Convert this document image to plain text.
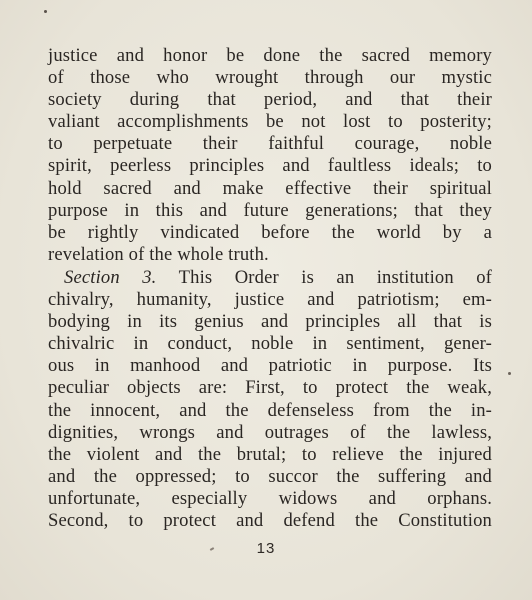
justice and honor be done the sacred memory
of those who wrought through our mystic
society during that period, and that their
valiant accomplishments be not lost to posterity;
to perpetuate their faithful courage, noble
spirit, peerless principles and faultless ideals; to
hold sacred and make effective their spiritual
purpose in this and future generations; that they
be rightly vindicated before the world by a
revelation of the whole truth.

Section 3. This Order is an institution of
chivalry, humanity, justice and patriotism; em-
bodying in its genius and principles all that is
chivalric in conduct, noble in sentiment, gener-
ous in manhood and patriotic in purpose. Its
peculiar objects are: First, to protect the weak,
the innocent, and the defenseless from the in-
dignities, wrongs and outrages of the lawless,
the violent and the brutal; to relieve the injured
and the oppressed; to succor the suffering and
unfortunate, especially widows and orphans.
Second, to protect and defend the Constitution

13
